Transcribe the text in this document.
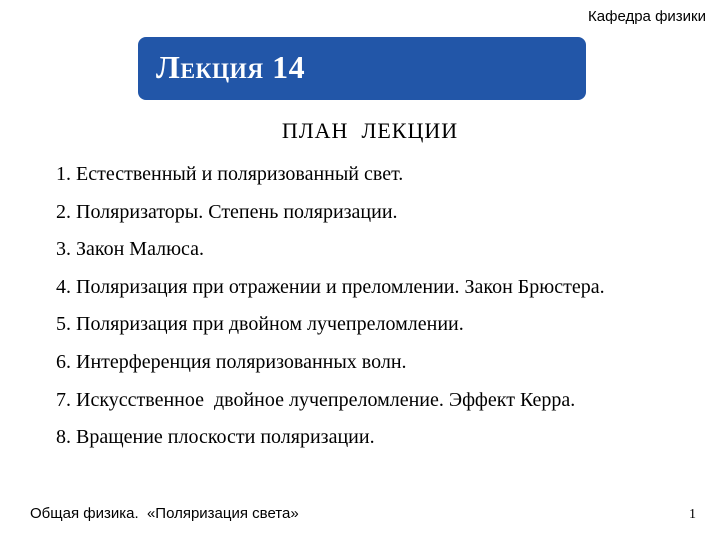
Кафедра физики
Лекция 14
ПЛАН  ЛЕКЦИИ
1. Естественный и поляризованный свет.
2. Поляризаторы. Степень поляризации.
3. Закон Малюса.
4. Поляризация при отражении и преломлении. Закон Брюстера.
5. Поляризация при двойном лучепреломлении.
6. Интерференция поляризованных волн.
7. Искусственное  двойное лучепреломление. Эффект Керра.
8. Вращение плоскости поляризации.
Общая физика.  «Поляризация света»	1
